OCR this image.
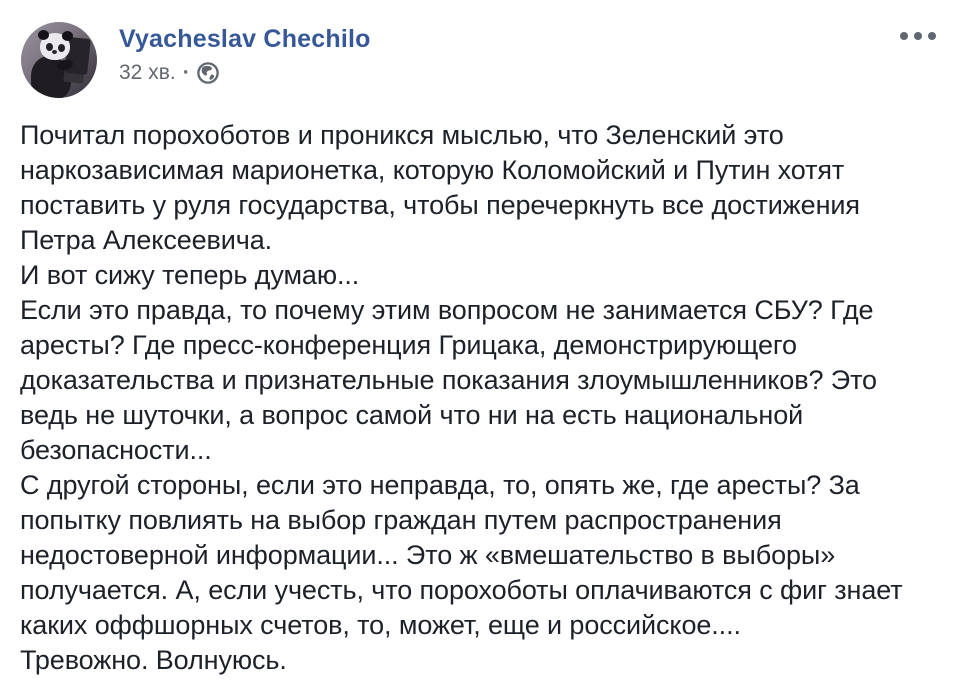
Vyacheslav Chechilo
32 хв. ·
Почитал порохоботов и проникся мыслью, что Зеленский это
наркозависимая марионетка, которую Коломойский и Путин хотят
поставить у руля государства, чтобы перечеркнуть все достижения
Петра Алексеевича.
И вот сижу теперь думаю...
Если это правда, то почему этим вопросом не занимается СБУ? Где
аресты? Где пресс-конференция Грицака, демонстрирующего
доказательства и признательные показания злоумышленников? Это
ведь не шуточки, а вопрос самой что ни на есть национальной
безопасности...
С другой стороны, если это неправда, то, опять же, где аресты? За
попытку повлиять на выбор граждан путем распространения
недостоверной информации... Это ж «вмешательство в выборы»
получается. А, если учесть, что порохоботы оплачиваются с фиг знает
каких оффшорных счетов, то, может, еще и российское....
Тревожно. Волнуюсь.
